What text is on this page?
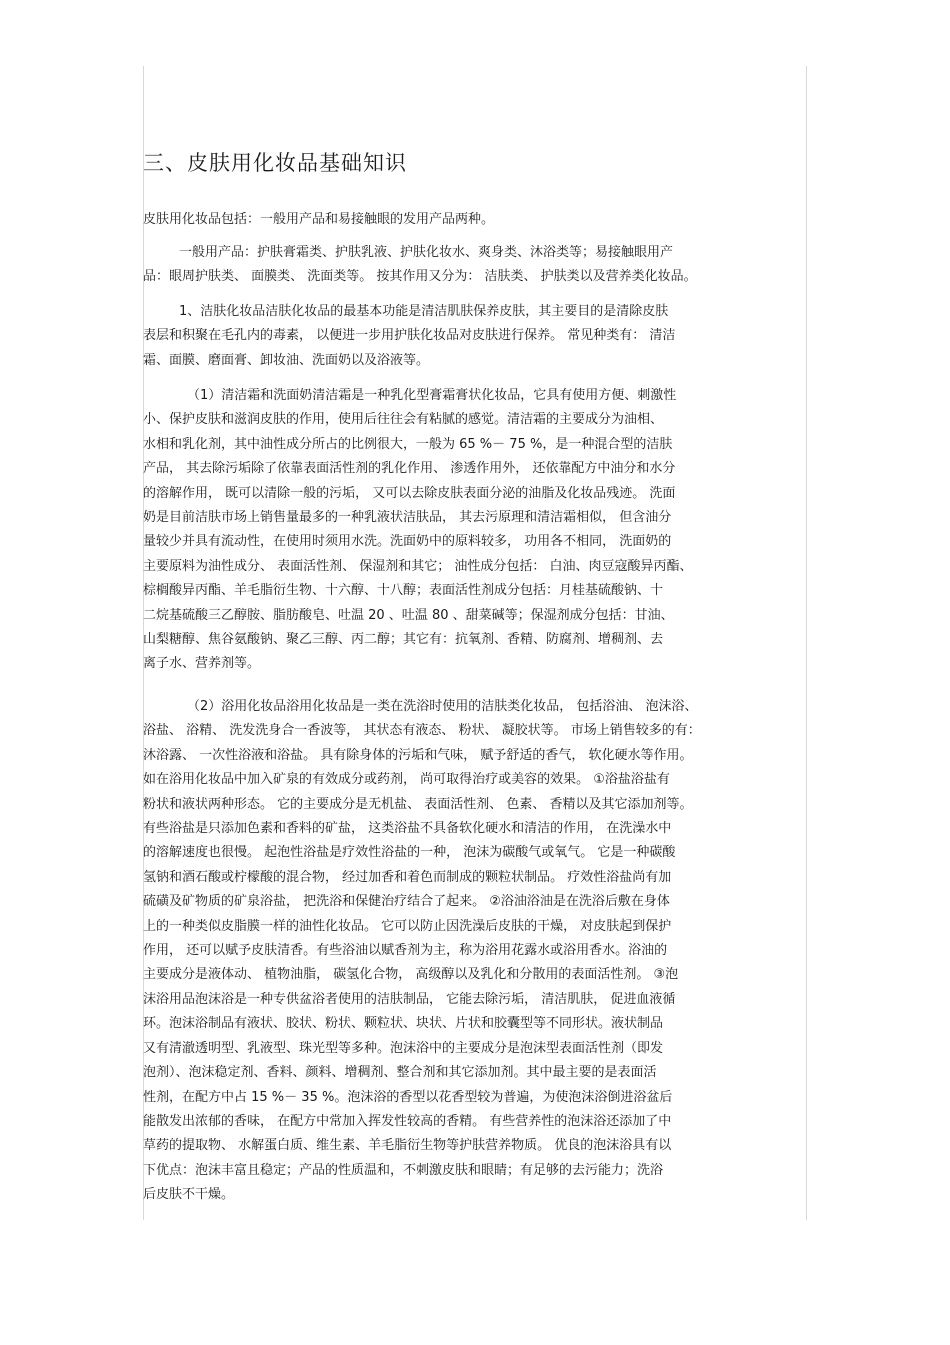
三、皮肤用化妆品基础知识

皮肤用化妆品包括：一般用产品和易接触眼的发用产品两种。

一般用产品：护肤膏霜类、护肤乳液、护肤化妆水、爽身类、沐浴类等；易接触眼用产
品：眼周护肤类、 面膜类、 洗面类等。 按其作用又分为： 洁肤类、 护肤类以及营养类化妆品。
1、洁肤化妆品洁肤化妆品的最基本功能是清洁肌肤保养皮肤，其主要目的是清除皮肤
表层和积聚在毛孔内的毒素， 以便进一步用护肤化妆品对皮肤进行保养。 常见种类有： 清洁
霜、面膜、磨面膏、卸妆油、洗面奶以及浴液等。
（1）清洁霜和洗面奶清洁霜是一种乳化型膏霜膏状化妆品，它具有使用方便、刺激性
小、保护皮肤和滋润皮肤的作用，使用后往往会有粘腻的感觉。清洁霜的主要成分为油相、
水相和乳化剂，其中油性成分所占的比例很大，一般为 65 %－ 75 %，是一种混合型的洁肤
产品， 其去除污垢除了依靠表面活性剂的乳化作用、 渗透作用外， 还依靠配方中油分和水分
的溶解作用， 既可以清除一般的污垢， 又可以去除皮肤表面分泌的油脂及化妆品残迹。 洗面
奶是目前洁肤市场上销售量最多的一种乳液状洁肤品， 其去污原理和清洁霜相似， 但含油分
量较少并具有流动性，在使用时须用水洗。洗面奶中的原料较多， 功用各不相同， 洗面奶的
主要原料为油性成分、 表面活性剂、 保湿剂和其它； 油性成分包括： 白油、肉豆寇酸异丙酯、
棕榈酸异丙酯、羊毛脂衍生物、十六醇、十八醇；表面活性剂成分包括：月桂基硫酸钠、十
二烷基硫酸三乙醇胺、脂肪酸皂、吐温 20 、吐温 80 、甜菜碱等；保湿剂成分包括：甘油、
山梨糖醇、焦谷氨酸钠、聚乙三醇、丙二醇；其它有：抗氧剂、香精、防腐剂、增稠剂、去
离子水、营养剂等。
（2）浴用化妆品浴用化妆品是一类在洗浴时使用的洁肤类化妆品， 包括浴油、 泡沫浴、
浴盐、 浴精、 洗发洗身合一香波等， 其状态有液态、 粉状、 凝胶状等。 市场上销售较多的有：
沐浴露、 一次性浴液和浴盐。 具有除身体的污垢和气味， 赋予舒适的香气， 软化硬水等作用。
如在浴用化妆品中加入矿泉的有效成分或药剂， 尚可取得治疗或美容的效果。 ①浴盐浴盐有
粉状和液状两种形态。 它的主要成分是无机盐、 表面活性剂、 色素、 香精以及其它添加剂等。
有些浴盐是只添加色素和香料的矿盐， 这类浴盐不具备软化硬水和清洁的作用， 在洗澡水中
的溶解速度也很慢。 起泡性浴盐是疗效性浴盐的一种， 泡沫为碳酸气或氧气。 它是一种碳酸
氢钠和酒石酸或柠檬酸的混合物， 经过加香和着色而制成的颗粒状制品。 疗效性浴盐尚有加
硫磺及矿物质的矿泉浴盐， 把洗浴和保健治疗结合了起来。 ②浴油浴油是在洗浴后敷在身体
上的一种类似皮脂膜一样的油性化妆品。 它可以防止因洗澡后皮肤的干燥， 对皮肤起到保护
作用， 还可以赋予皮肤清香。有些浴油以赋香剂为主，称为浴用花露水或浴用香水。浴油的
主要成分是液体动、 植物油脂， 碳氢化合物， 高级醇以及乳化和分散用的表面活性剂。 ③泡
沫浴用品泡沫浴是一种专供盆浴者使用的洁肤制品， 它能去除污垢， 清洁肌肤， 促进血液循
环。泡沫浴制品有液状、胶状、粉状、颗粒状、块状、片状和胶囊型等不同形状。液状制品
又有清澈透明型、乳液型、珠光型等多种。泡沫浴中的主要成分是泡沫型表面活性剂（即发
泡剂）、泡沫稳定剂、香料、颜料、增稠剂、整合剂和其它添加剂。其中最主要的是表面活
性剂，在配方中占 15 %－ 35 %。泡沫浴的香型以花香型较为普遍，为使泡沫浴倒进浴盆后
能散发出浓郁的香味， 在配方中常加入挥发性较高的香精。 有些营养性的泡沫浴还添加了中
草药的提取物、 水解蛋白质、维生素、羊毛脂衍生物等护肤营养物质。 优良的泡沫浴具有以
下优点：泡沫丰富且稳定；产品的性质温和，不刺激皮肤和眼睛；有足够的去污能力；洗浴
后皮肤不干燥。
